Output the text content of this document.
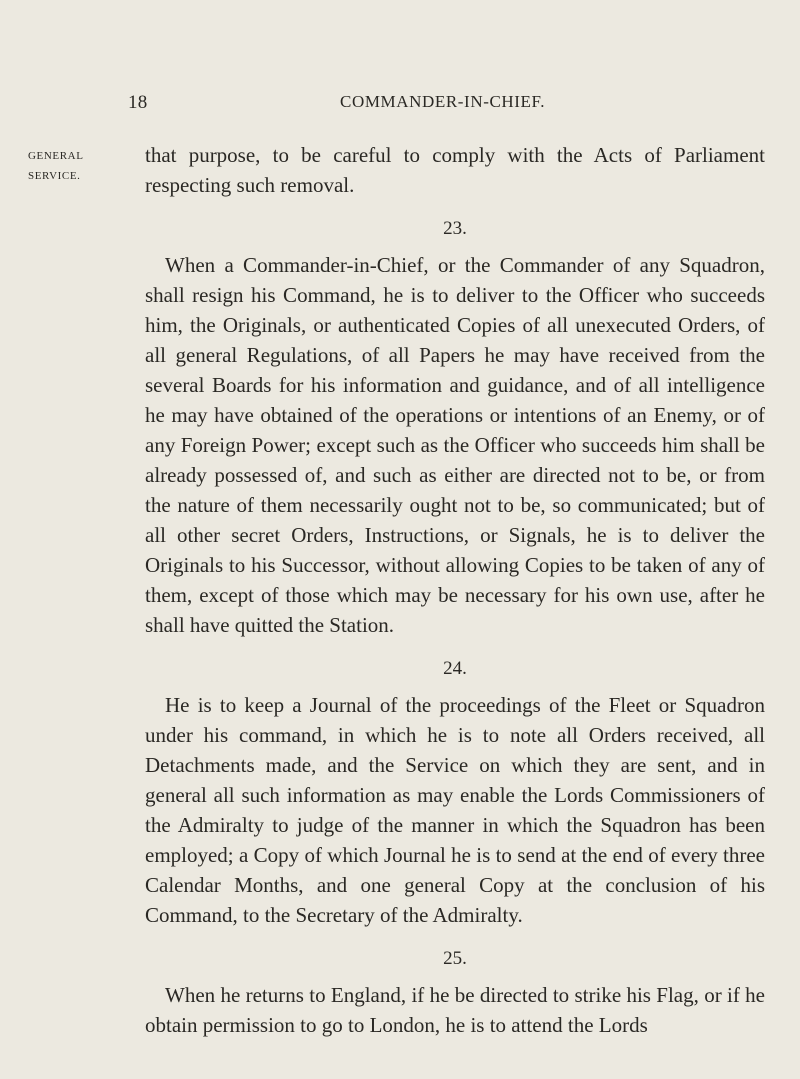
18	COMMANDER-IN-CHIEF.
GENERAL
SERVICE.

that purpose, to be careful to comply with the Acts of Parliament respecting such removal.

23.

When a Commander-in-Chief, or the Commander of any Squadron, shall resign his Command, he is to deliver to the Officer who succeeds him, the Originals, or authenticated Copies of all unexecuted Orders, of all general Regulations, of all Papers he may have received from the several Boards for his information and guidance, and of all intelligence he may have obtained of the operations or intentions of an Enemy, or of any Foreign Power; except such as the Officer who succeeds him shall be already possessed of, and such as either are directed not to be, or from the nature of them necessarily ought not to be, so communicated; but of all other secret Orders, Instructions, or Signals, he is to deliver the Originals to his Successor, without allowing Copies to be taken of any of them, except of those which may be necessary for his own use, after he shall have quitted the Station.

24.

He is to keep a Journal of the proceedings of the Fleet or Squadron under his command, in which he is to note all Orders received, all Detachments made, and the Service on which they are sent, and in general all such information as may enable the Lords Commissioners of the Admiralty to judge of the manner in which the Squadron has been employed; a Copy of which Journal he is to send at the end of every three Calendar Months, and one general Copy at the conclusion of his Command, to the Secretary of the Admiralty.

25.

When he returns to England, if he be directed to strike his Flag, or if he obtain permission to go to London, he is to attend the Lords
